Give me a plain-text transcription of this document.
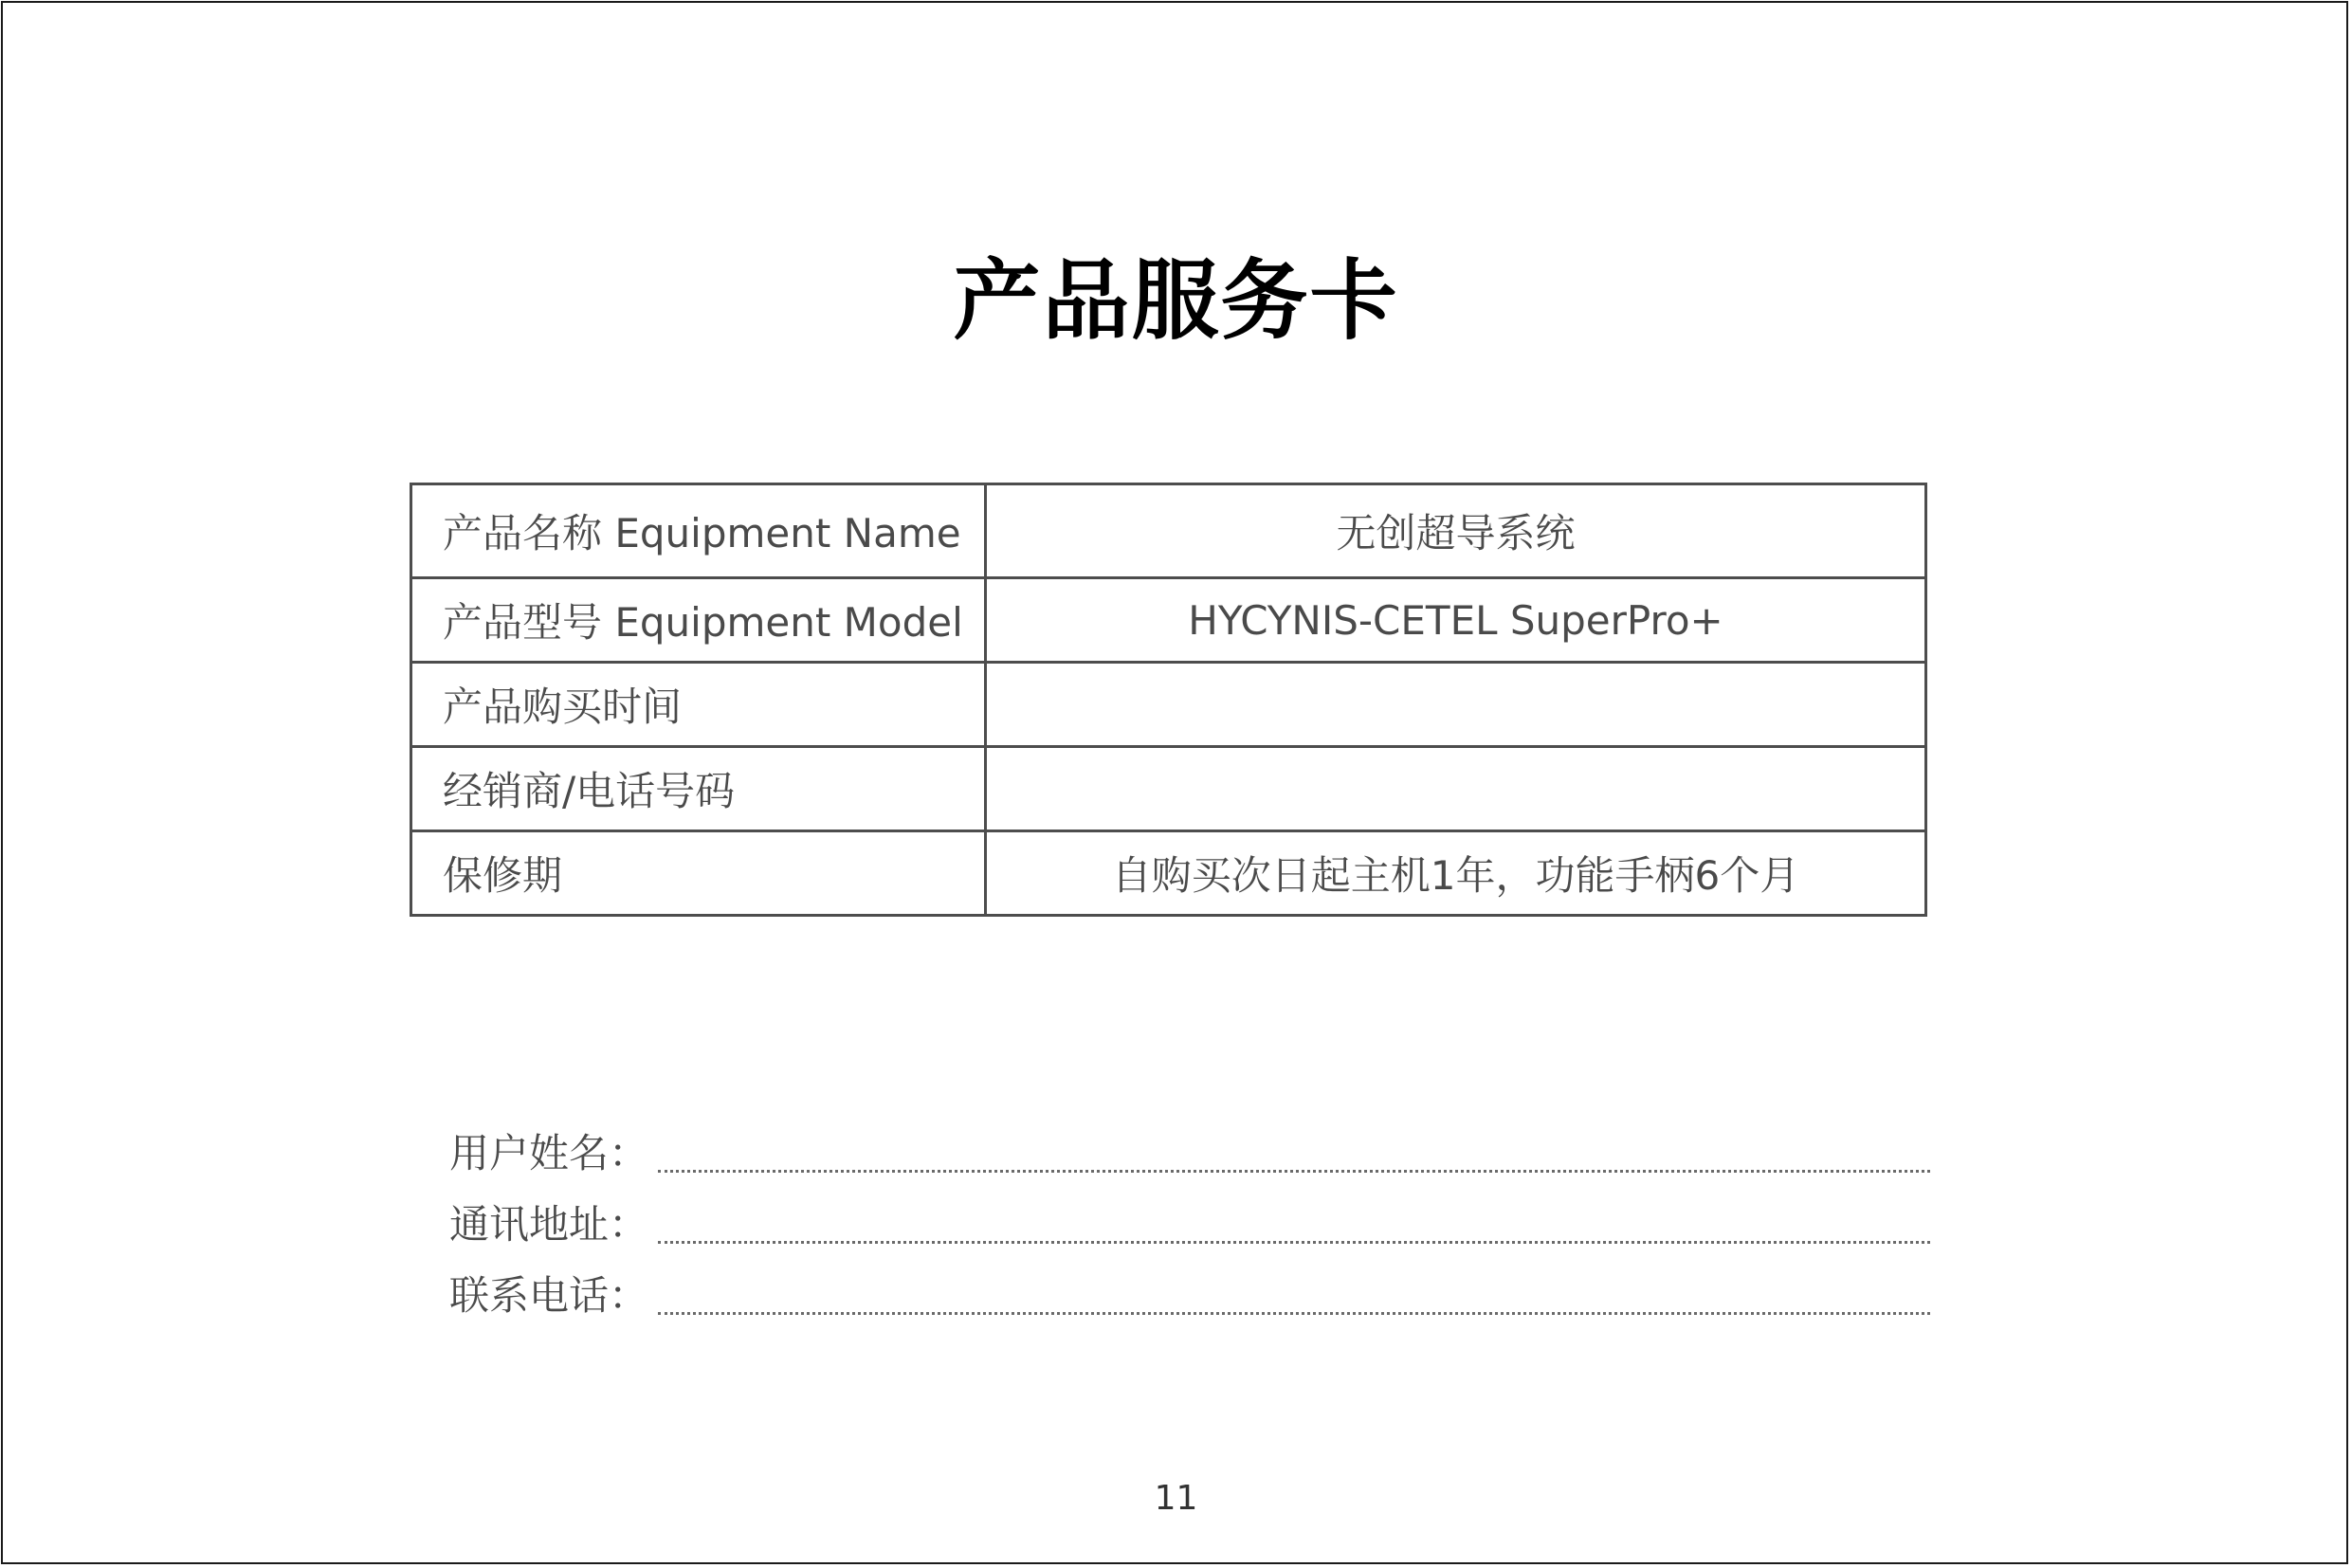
产品服务卡
产品名称 Equipment Name	无创超导系统
产品型号 Equipment Model	HYCYNIS-CETEL SuperPro+
产品购买时间	
经销商/电话号码	
保修期	自购买次日起主机1年，功能手柄6个月
用户姓名：
通讯地址：
联系电话：
11
